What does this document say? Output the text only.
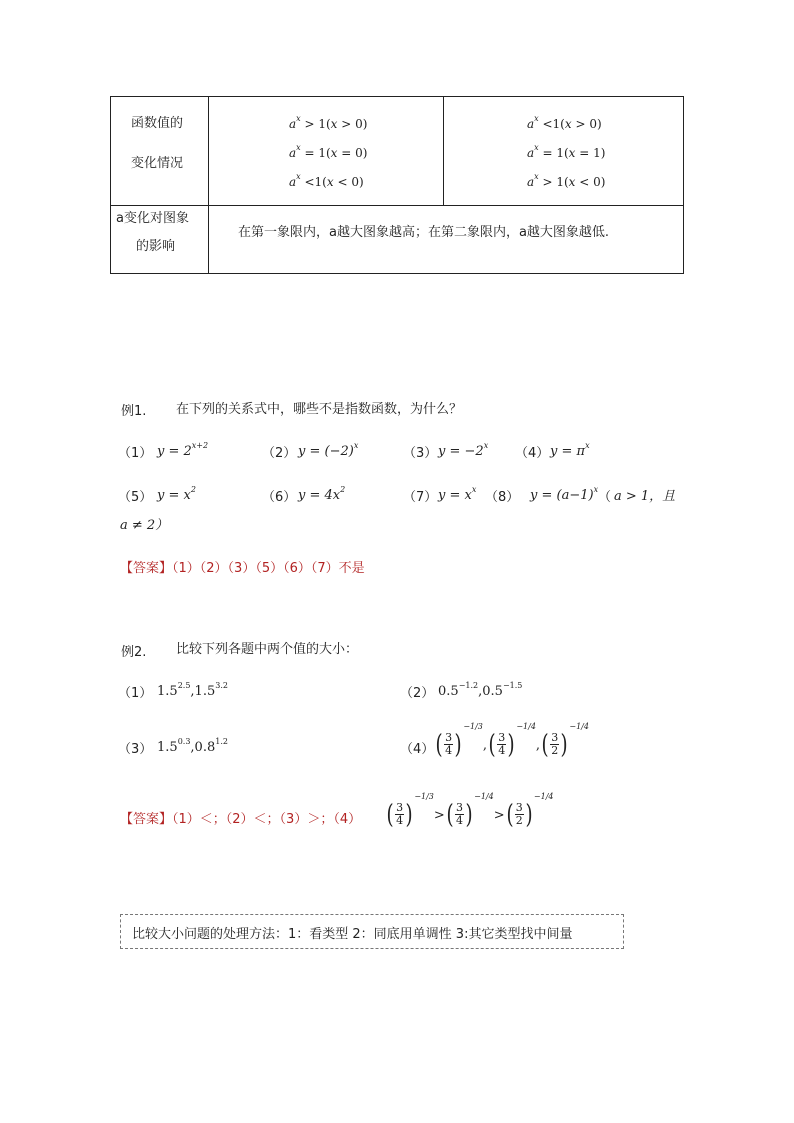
函数值的
变化情况
$a^x > 1(x > 0)$
$a^x = 1(x = 0)$
$a^x <1(x < 0)$
$a^x <1(x > 0)$
$a^x = 1(x = 1)$
$a^x > 1(x < 0)$
a变化对图象
的影响
在第一象限内，a越大图象越高；在第二象限内，a越大图象越低.
例1. 在下列的关系式中，哪些不是指数函数，为什么？
（1） $y = 2^{x+2}$
（2） $y = (-2)^x$
（3） $y = -2^x$
（4） $y = \pi^x$
（5） $y = x^2$
（6） $y = 4x^2$
（7） $y = x^x$
（8） $y = (a-1)^x$
（ a > 1，且
a ≠ 2）
【答案】（1）（2）（3）（5）（6）（7）不是
例2. 比较下列各题中两个值的大小：
（1） $1.5^{2.5},1.5^{3.2}$
（2） $0.5^{-1.2},0.5^{-1.5}$
（3） $1.5^{0.3},0.8^{1.2}$
（4） ( $\frac{3}{4} )^{-1/3},( \frac{3}{4} )^{-1/4},( \frac{3}{2} )^{-1/4}$
【答案】（1）＜；（2）＜；（3）＞；（4） ( $\frac{3}{4} )^{-1/3}>( \frac{3}{4} )^{-1/4}>( \frac{3}{2} )^{-1/4}$
比较大小问题的处理方法：1：看类型 2：同底用单调性 3:其它类型找中间量
